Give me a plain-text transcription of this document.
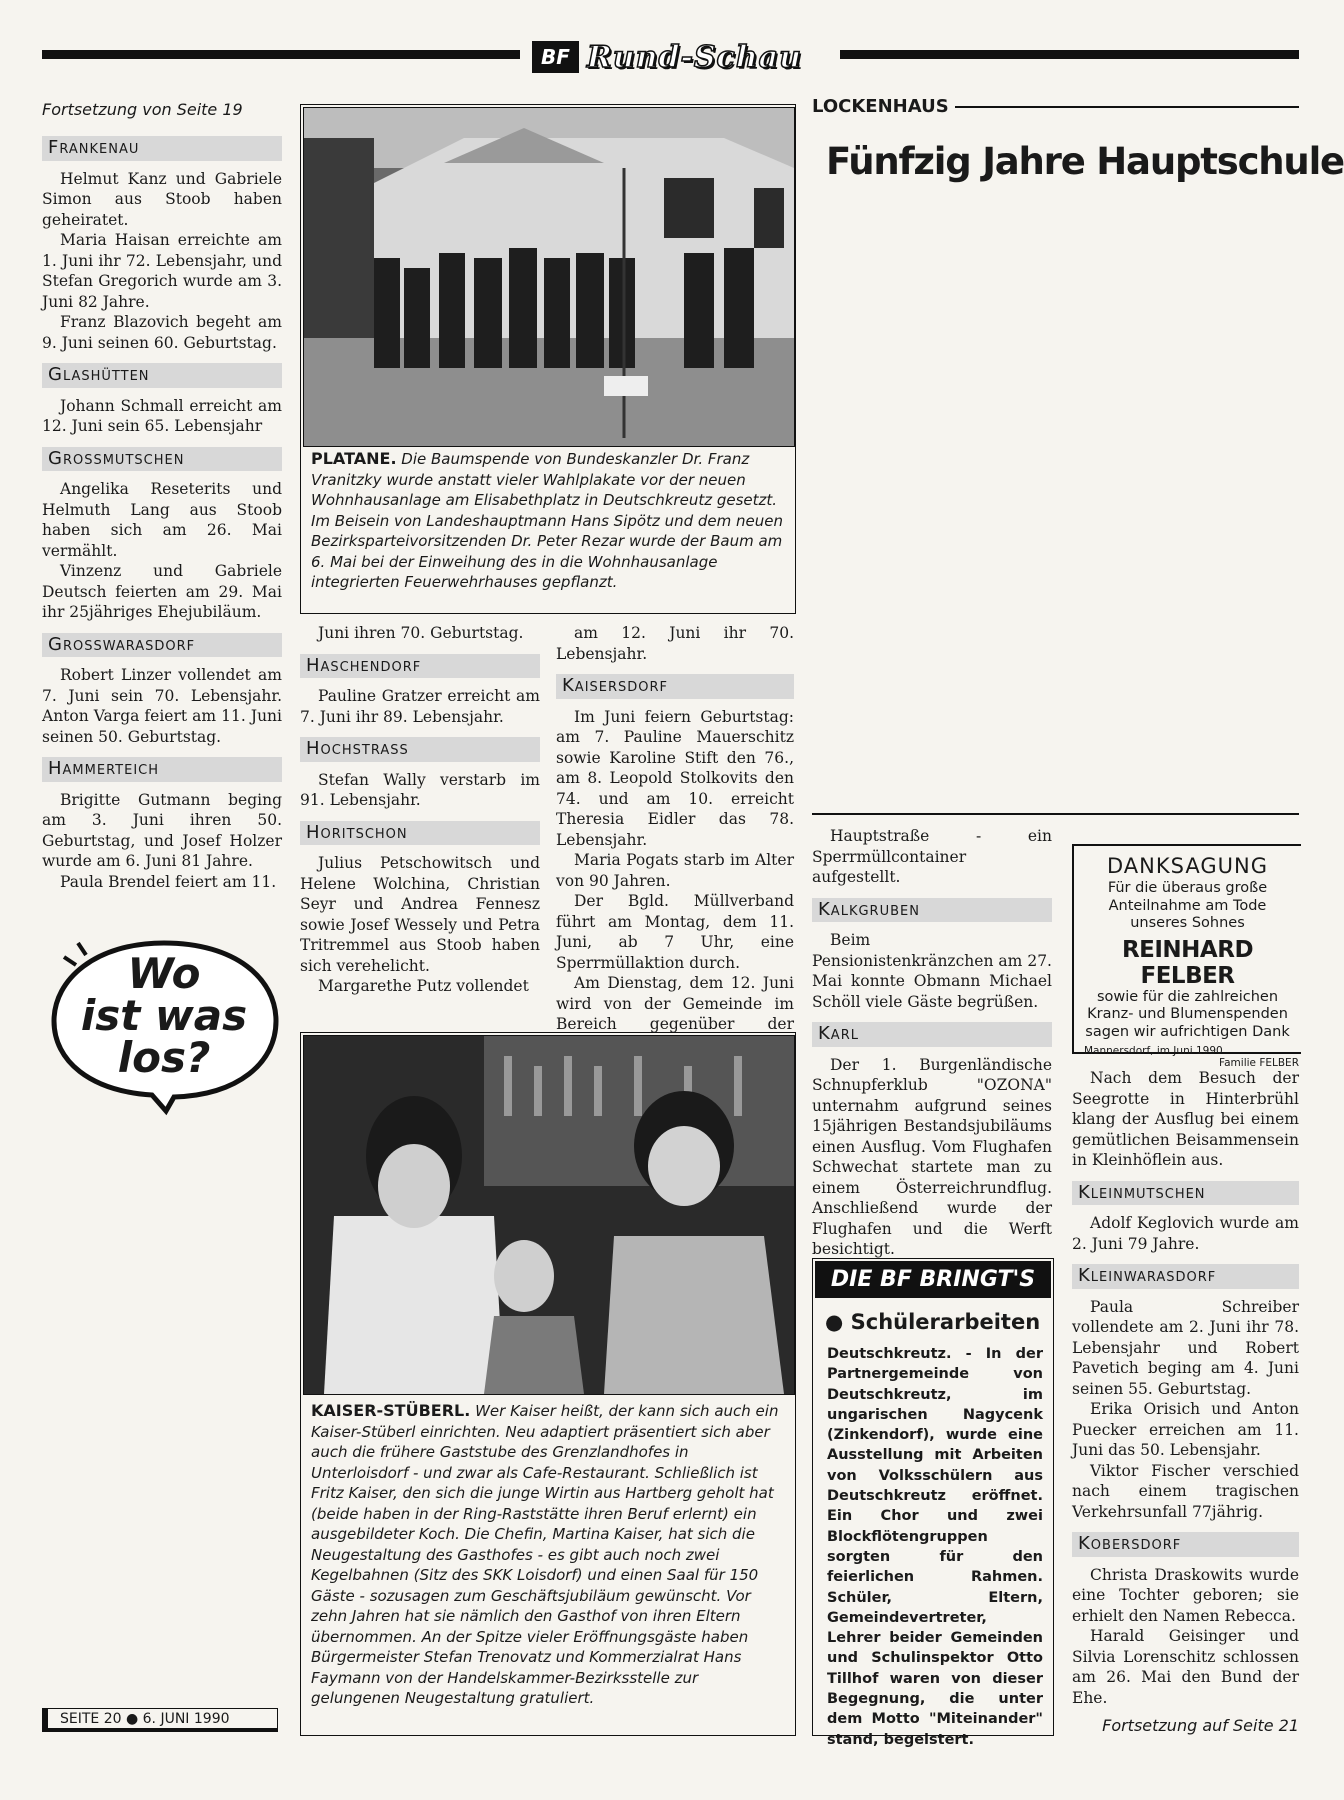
BF Rund-Schau
Fortsetzung von Seite 19
Frankenau

Helmut Kanz und Gabriele Simon aus Stoob haben geheiratet.

Maria Haisan erreichte am 1. Juni ihr 72. Lebensjahr, und Stefan Gregorich wurde am 3. Juni 82 Jahre.

Franz Blazovich begeht am 9. Juni seinen 60. Geburtstag.

Glashütten

Johann Schmall erreicht am 12. Juni sein 65. Lebensjahr

Grossmutschen

Angelika Reseterits und Helmuth Lang aus Stoob haben sich am 26. Mai vermählt.

Vinzenz und Gabriele Deutsch feierten am 29. Mai ihr 25jähriges Ehejubiläum.

Grosswarasdorf

Robert Linzer vollendet am 7. Juni sein 70. Lebensjahr. Anton Varga feiert am 11. Juni seinen 50. Geburtstag.

Hammerteich

Brigitte Gutmann beging am 3. Juni ihren 50. Geburtstag, und Josef Holzer wurde am 6. Juni 81 Jahre.

Paula Brendel feiert am 11.

Wo
ist was
los?
SEITE 20 ● 6. JUNI 1990
PLATANE. Die Baumspende von Bundeskanzler Dr. Franz Vranitzky wurde anstatt vieler Wahlplakate vor der neuen Wohnhausanlage am Elisabethplatz in Deutschkreutz gesetzt. Im Beisein von Landeshauptmann Hans Sipötz und dem neuen Bezirksparteivorsitzenden Dr. Peter Rezar wurde der Baum am 6. Mai bei der Einweihung des in die Wohnhausanlage integrierten Feuerwehrhauses gepflanzt.

Juni ihren 70. Geburtstag.

Haschendorf

Pauline Gratzer erreicht am 7. Juni ihr 89. Lebensjahr.

Hochstrass

Stefan Wally verstarb im 91. Lebensjahr.

Horitschon

Julius Petschowitsch und Helene Wolchina, Christian Seyr und Andrea Fennesz sowie Josef Wessely und Petra Tritremmel aus Stoob haben sich verehelicht.

Margarethe Putz vollendet

am 12. Juni ihr 70. Lebensjahr.

Kaisersdorf

Im Juni feiern Geburtstag: am 7. Pauline Mauerschitz sowie Karoline Stift den 76., am 8. Leopold Stolkovits den 74. und am 10. erreicht Theresia Eidler das 78. Lebensjahr.

Maria Pogats starb im Alter von 90 Jahren.

Der Bgld. Müllverband führt am Montag, dem 11. Juni, ab 7 Uhr, eine Sperrmüllaktion durch.

Am Dienstag, dem 12. Juni wird von der Gemeinde im Bereich gegenüber der

KAISER-STÜBERL. Wer Kaiser heißt, der kann sich auch ein Kaiser-Stüberl einrichten. Neu adaptiert präsentiert sich aber auch die frühere Gaststube des Grenzlandhofes in Unterloisdorf - und zwar als Cafe-Restaurant. Schließlich ist Fritz Kaiser, den sich die junge Wirtin aus Hartberg geholt hat (beide haben in der Ring-Raststätte ihren Beruf erlernt) ein ausgebildeter Koch. Die Chefin, Martina Kaiser, hat sich die Neugestaltung des Gasthofes - es gibt auch noch zwei Kegelbahnen (Sitz des SKK Loisdorf) und einen Saal für 150 Gäste - sozusagen zum Geschäftsjubiläum gewünscht. Vor zehn Jahren hat sie nämlich den Gasthof von ihren Eltern übernommen. An der Spitze vieler Eröffnungsgäste haben Bürgermeister Stefan Trenovatz und Kommerzialrat Hans Faymann von der Handelskammer-Bezirksstelle zur gelungenen Neugestaltung gratuliert.
LOCKENHAUS
Fünfzig Jahre Hauptschule

Hauptstraße - ein Sperrmüllcontainer aufgestellt.

Kalkgruben

Beim Pensionistenkränzchen am 27. Mai konnte Obmann Michael Schöll viele Gäste begrüßen.

Karl

Der 1. Burgenländische Schnupferklub "OZONA" unternahm aufgrund seines 15jährigen Bestandsjubiläums einen Ausflug. Vom Flughafen Schwechat startete man zu einem Österreichrundflug. Anschließend wurde der Flughafen und die Werft besichtigt.

DIE BF BRINGT'S
● Schülerarbeiten
Deutschkreutz. - In der Partnergemeinde von Deutschkreutz, im ungarischen Nagycenk (Zinkendorf), wurde eine Ausstellung mit Arbeiten von Volksschülern aus Deutschkreutz eröffnet. Ein Chor und zwei Blockflötengruppen sorgten für den feierlichen Rahmen. Schüler, Eltern, Gemeindevertreter, Lehrer beider Gemeinden und Schulinspektor Otto Tillhof waren von dieser Begegnung, die unter dem Motto "Miteinander" stand, begeistert.
DANKSAGUNG
Für die überaus große
Anteilnahme am Tode
unseres Sohnes
REINHARD FELBER
sowie für die zahlreichen
Kranz- und Blumenspenden
sagen wir aufrichtigen Dank
Mannersdorf, im Juni 1990
Familie FELBER

Nach dem Besuch der Seegrotte in Hinterbrühl klang der Ausflug bei einem gemütlichen Beisammensein in Kleinhöflein aus.

Kleinmutschen

Adolf Keglovich wurde am 2. Juni 79 Jahre.

Kleinwarasdorf

Paula Schreiber vollendete am 2. Juni ihr 78. Lebensjahr und Robert Pavetich beging am 4. Juni seinen 55. Geburtstag.

Erika Orisich und Anton Puecker erreichen am 11. Juni das 50. Lebensjahr.

Viktor Fischer verschied nach einem tragischen Verkehrsunfall 77jährig.

Kobersdorf

Christa Draskowits wurde eine Tochter geboren; sie erhielt den Namen Rebecca.

Harald Geisinger und Silvia Lorenschitz schlossen am 26. Mai den Bund der Ehe.

Fortsetzung auf Seite 21
